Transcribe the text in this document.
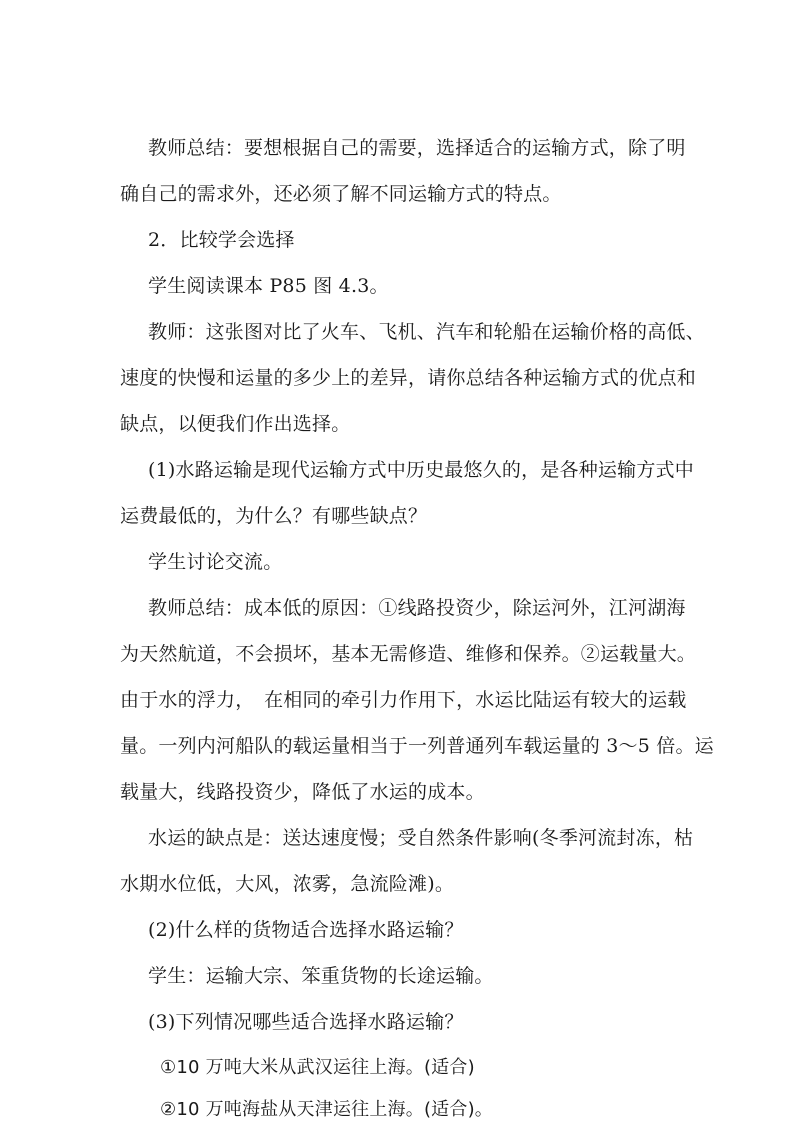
教师总结：要想根据自己的需要，选择适合的运输方式，除了明
确自己的需求外，还必须了解不同运输方式的特点。
2．比较学会选择
学生阅读课本 P85 图 4.3。
教师：这张图对比了火车、飞机、汽车和轮船在运输价格的高低、
速度的快慢和运量的多少上的差异，请你总结各种运输方式的优点和
缺点，以便我们作出选择。
(1)水路运输是现代运输方式中历史最悠久的，是各种运输方式中
运费最低的，为什么？有哪些缺点？
学生讨论交流。
教师总结：成本低的原因：①线路投资少，除运河外，江河湖海
为天然航道，不会损坏，基本无需修造、维修和保养。②运载量大。
由于水的浮力，　在相同的牵引力作用下，水运比陆运有较大的运载
量。一列内河船队的载运量相当于一列普通列车载运量的 3～5 倍。运
载量大，线路投资少，降低了水运的成本。
水运的缺点是：送达速度慢；受自然条件影响(冬季河流封冻，枯
水期水位低，大风，浓雾，急流险滩)。
(2)什么样的货物适合选择水路运输？
学生：运输大宗、笨重货物的长途运输。
(3)下列情况哪些适合选择水路运输？
①10 万吨大米从武汉运往上海。(适合)
②10 万吨海盐从天津运往上海。(适合)。
